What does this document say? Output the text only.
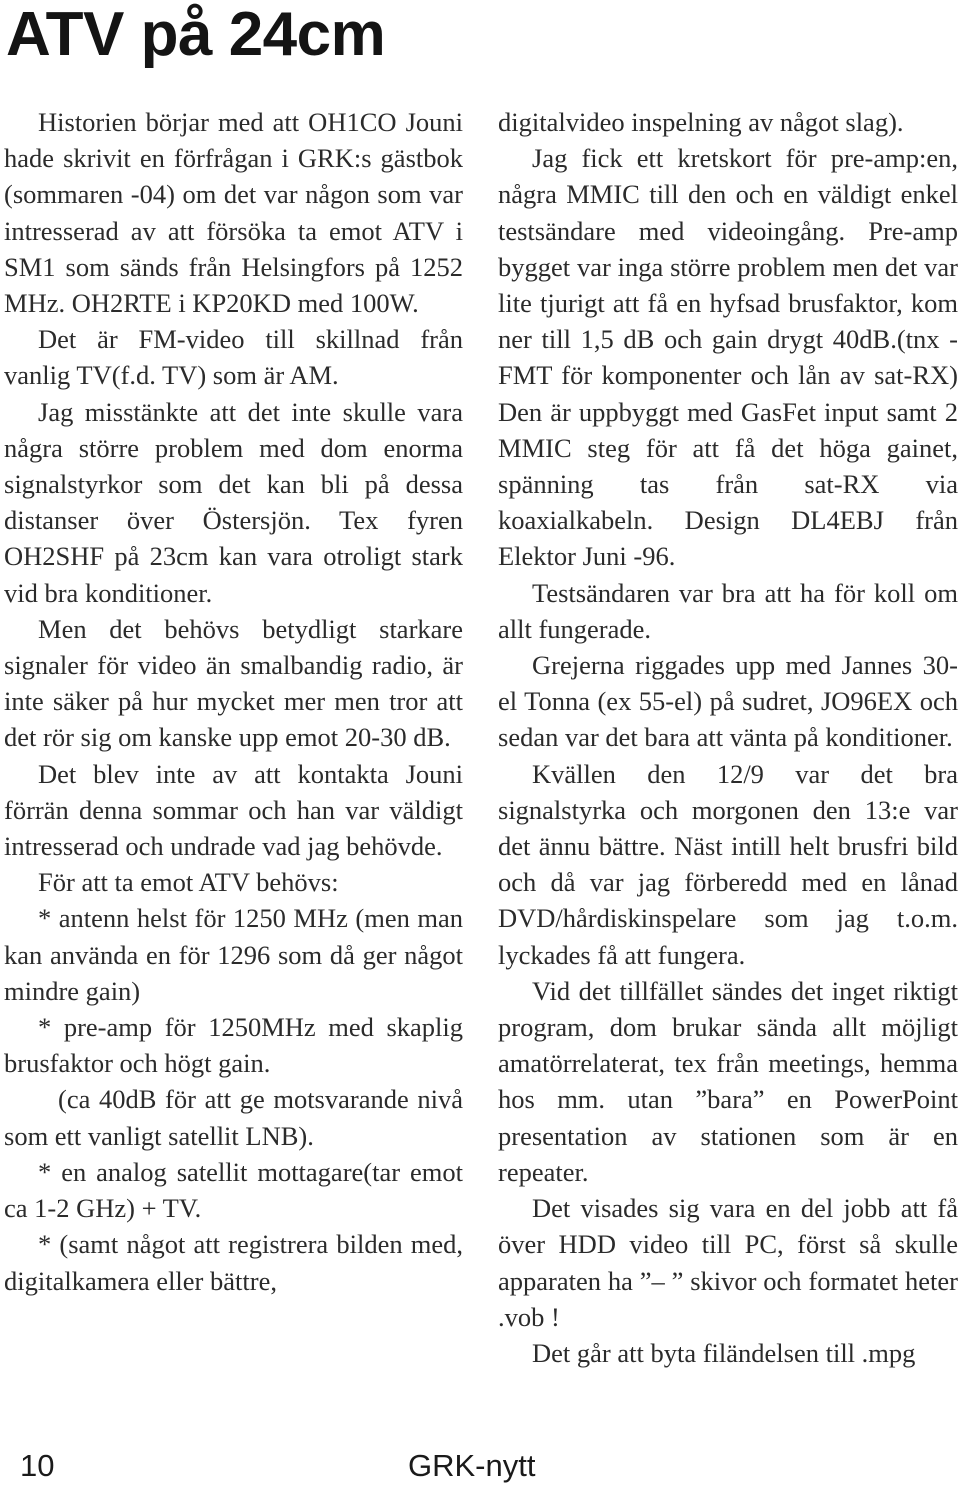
ATV på 24cm

Historien börjar med att OH1CO Jouni hade skrivit en förfrågan i GRK:s gästbok (sommaren -04) om det var någon som var intresserad av att försöka ta emot ATV i SM1 som sänds från Helsingfors på 1252 MHz. OH2RTE i KP20KD med 100W.

Det är FM-video till skillnad från vanlig TV(f.d. TV) som är AM.

Jag misstänkte att det inte skulle vara några större problem med dom enorma signalstyrkor som det kan bli på dessa distanser över Östersjön. Tex fyren OH2SHF på 23cm kan vara otroligt stark vid bra konditioner.

Men det behövs betydligt starkare signaler för video än smalbandig radio, är inte säker på hur mycket mer men tror att det rör sig om kanske upp emot 20-30 dB.

Det blev inte av att kontakta Jouni förrän denna sommar och han var väldigt intresserad och undrade vad jag behövde.

För att ta emot ATV behövs:

* antenn helst för 1250 MHz (men man kan använda en för 1296 som då ger något mindre gain)

* pre-amp för 1250MHz med skaplig brusfaktor och högt gain.

(ca 40dB för att ge motsvarande nivå som ett vanligt satellit LNB).

* en analog satellit mottagare(tar emot ca 1-2 GHz) + TV.

* (samt något att registrera bilden med, digitalkamera eller bättre,

digitalvideo inspelning av något slag).

Jag fick ett kretskort för pre-amp:en, några MMIC till den och en väldigt enkel testsändare med videoingång. Pre-amp bygget var inga större problem men det var lite tjurigt att få en hyfsad brusfaktor, kom ner till 1,5 dB och gain drygt 40dB.(tnx -FMT för komponenter och lån av sat-RX) Den är uppbyggt med GasFet input samt 2 MMIC steg för att få det höga gainet, spänning tas från sat-RX via koaxialkabeln. Design DL4EBJ från Elektor Juni -96.

Testsändaren var bra att ha för koll om allt fungerade.

Grejerna riggades upp med Jannes 30-el Tonna (ex 55-el) på sudret, JO96EX och sedan var det bara att vänta på konditioner.

Kvällen den 12/9 var det bra signalstyrka och morgonen den 13:e var det ännu bättre. Näst intill helt brusfri bild och då var jag förberedd med en lånad DVD/hårdiskinspelare som jag t.o.m. lyckades få att fungera.

Vid det tillfället sändes det inget riktigt program, dom brukar sända allt möjligt amatörrelaterat, tex från meetings, hemma hos mm. utan ”bara” en PowerPoint presentation av stationen som är en repeater.

Det visades sig vara en del jobb att få över HDD video till PC, först så skulle apparaten ha ”– ” skivor och formatet heter .vob !

Det går att byta filändelsen till .mpg

10	GRK-nytt
